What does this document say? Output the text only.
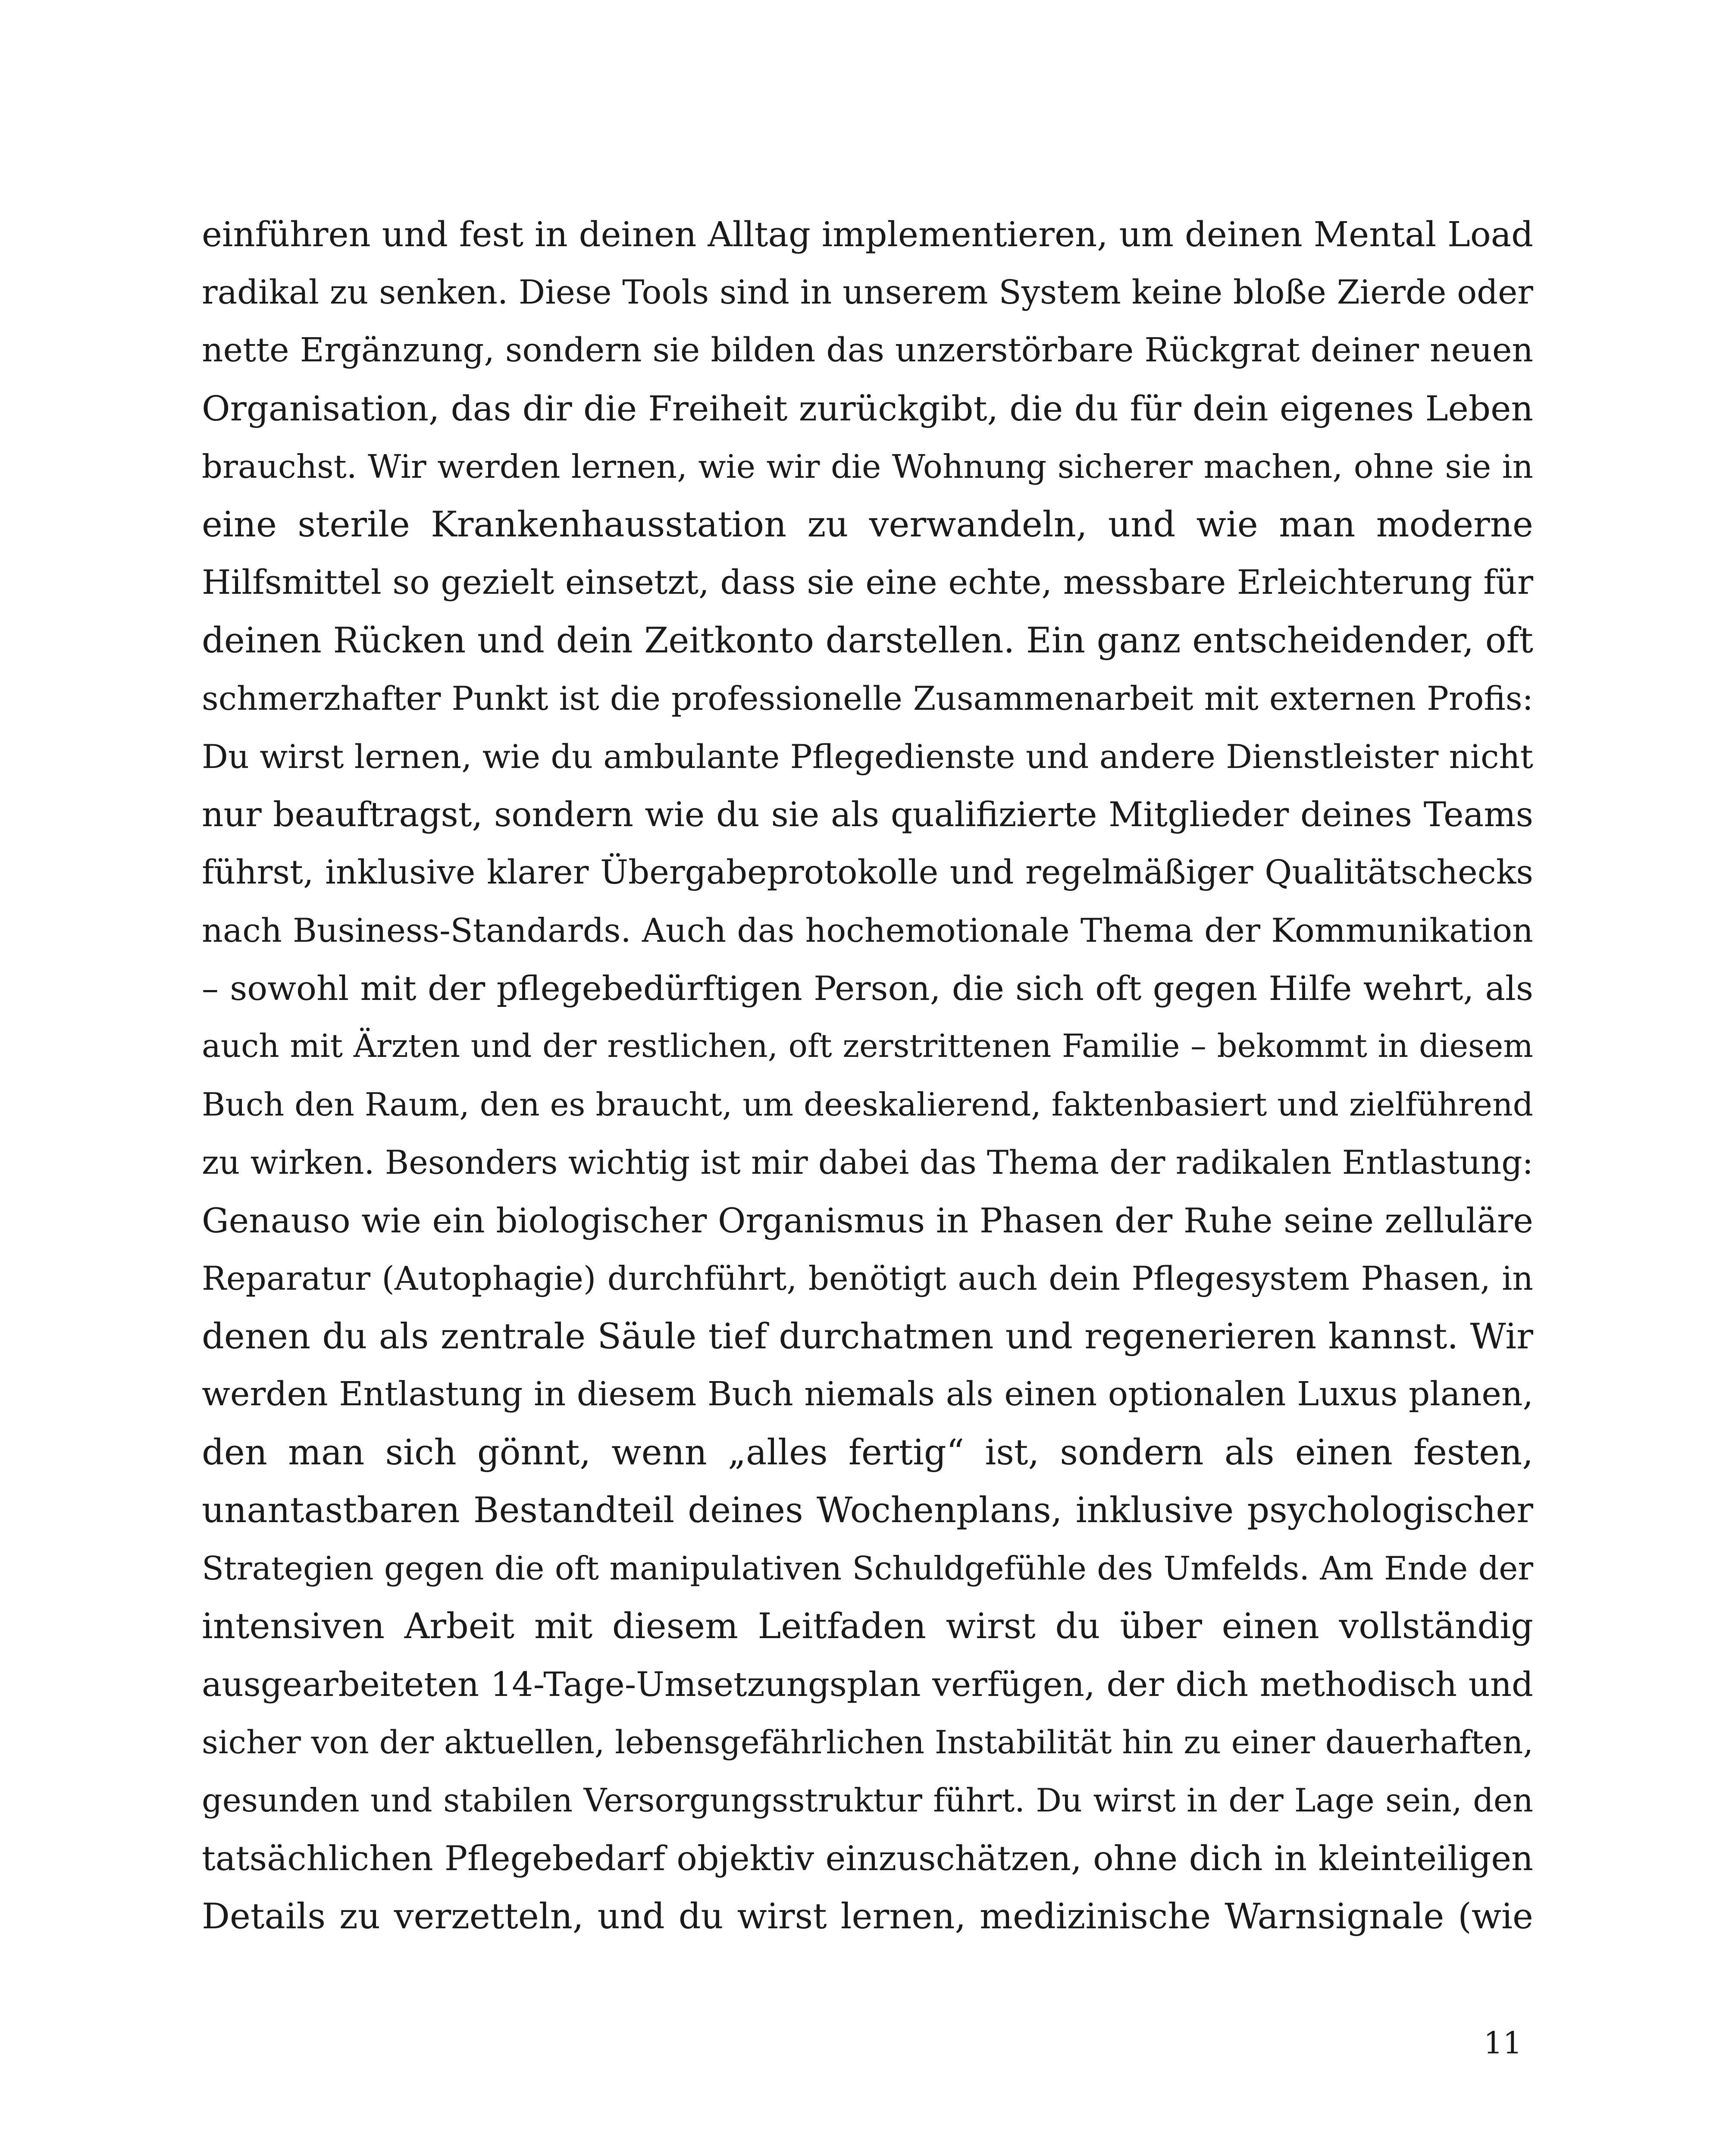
einführen und fest in deinen Alltag implementieren, um deinen Mental Load
radikal zu senken. Diese Tools sind in unserem System keine bloße Zierde oder
nette Ergänzung, sondern sie bilden das unzerstörbare Rückgrat deiner neuen
Organisation, das dir die Freiheit zurückgibt, die du für dein eigenes Leben
brauchst. Wir werden lernen, wie wir die Wohnung sicherer machen, ohne sie in
eine sterile Krankenhausstation zu verwandeln, und wie man moderne
Hilfsmittel so gezielt einsetzt, dass sie eine echte, messbare Erleichterung für
deinen Rücken und dein Zeitkonto darstellen. Ein ganz entscheidender, oft
schmerzhafter Punkt ist die professionelle Zusammenarbeit mit externen Profis:
Du wirst lernen, wie du ambulante Pflegedienste und andere Dienstleister nicht
nur beauftragst, sondern wie du sie als qualifizierte Mitglieder deines Teams
führst, inklusive klarer Übergabeprotokolle und regelmäßiger Qualitätschecks
nach Business-Standards. Auch das hochemotionale Thema der Kommunikation
– sowohl mit der pflegebedürftigen Person, die sich oft gegen Hilfe wehrt, als
auch mit Ärzten und der restlichen, oft zerstrittenen Familie – bekommt in diesem
Buch den Raum, den es braucht, um deeskalierend, faktenbasiert und zielführend
zu wirken. Besonders wichtig ist mir dabei das Thema der radikalen Entlastung:
Genauso wie ein biologischer Organismus in Phasen der Ruhe seine zelluläre
Reparatur (Autophagie) durchführt, benötigt auch dein Pflegesystem Phasen, in
denen du als zentrale Säule tief durchatmen und regenerieren kannst. Wir
werden Entlastung in diesem Buch niemals als einen optionalen Luxus planen,
den man sich gönnt, wenn „alles fertig“ ist, sondern als einen festen,
unantastbaren Bestandteil deines Wochenplans, inklusive psychologischer
Strategien gegen die oft manipulativen Schuldgefühle des Umfelds. Am Ende der
intensiven Arbeit mit diesem Leitfaden wirst du über einen vollständig
ausgearbeiteten 14-Tage-Umsetzungsplan verfügen, der dich methodisch und
sicher von der aktuellen, lebensgefährlichen Instabilität hin zu einer dauerhaften,
gesunden und stabilen Versorgungsstruktur führt. Du wirst in der Lage sein, den
tatsächlichen Pflegebedarf objektiv einzuschätzen, ohne dich in kleinteiligen
Details zu verzetteln, und du wirst lernen, medizinische Warnsignale (wie
11
